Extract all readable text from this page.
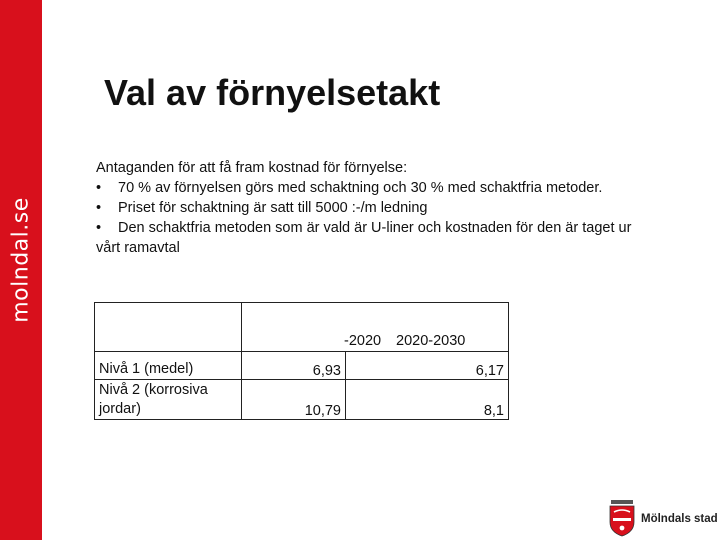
molndal.se
Val av förnyelsetakt

Antaganden för att få fram kostnad för förnyelse:

•	70 % av förnyelsen görs med schaktning och 30 % med schaktfria metoder.
•	Priset för schaktning är satt till 5000 :-/m ledning
•	Den schaktfria metoden som är vald är U-liner och kostnaden för den är taget ur

vårt ramavtal

	-2020 2020-2030	

Nivå 1 (medel)	6,93	6,17
Nivå 2 (korrosiva jordar)	10,79	8,1
Mölndals stad
